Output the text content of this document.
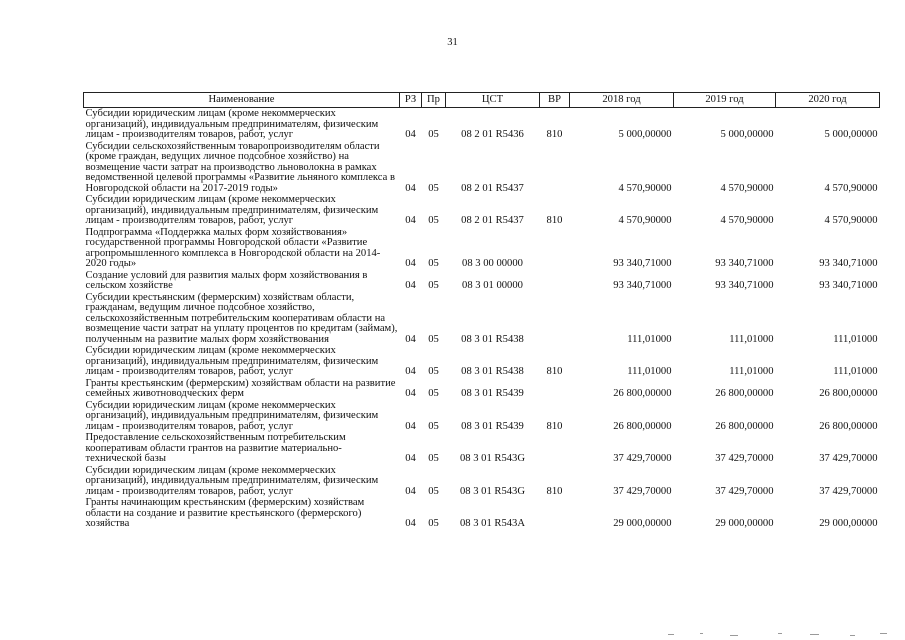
31
Наименование	РЗ	Пр	ЦСТ	ВР	2018 год	2019 год	2020 год
Субсидии юридическим лицам (кроме некоммерческих организаций), индивидуальным предпринимателям, физическим лицам - производителям товаров, работ, услуг	04	05	08 2 01 R5436	810	5 000,00000	5 000,00000	5 000,00000
Субсидии сельскохозяйственным товаропроизводителям области (кроме граждан, ведущих личное подсобное хозяйство) на возмещение части затрат на производство льноволокна в рамках ведомственной целевой программы «Развитие льняного комплекса в Новгородской области на 2017-2019 годы»	04	05	08 2 01 R5437		4 570,90000	4 570,90000	4 570,90000
Субсидии юридическим лицам (кроме некоммерческих организаций), индивидуальным предпринимателям, физическим лицам - производителям товаров, работ, услуг	04	05	08 2 01 R5437	810	4 570,90000	4 570,90000	4 570,90000
Подпрограмма «Поддержка малых форм хозяйствования» государственной программы Новгородской области «Развитие агропромышленного комплекса в Новгородской области на 2014-2020 годы»	04	05	08 3 00 00000		93 340,71000	93 340,71000	93 340,71000
Создание условий для развития малых форм хозяйствования в сельском хозяйстве	04	05	08 3 01 00000		93 340,71000	93 340,71000	93 340,71000
Субсидии крестьянским (фермерским) хозяйствам области, гражданам, ведущим личное подсобное хозяйство, сельскохозяйственным потребительским кооперативам области на возмещение части затрат на уплату процентов по кредитам (займам), полученным на развитие малых форм хозяйствования	04	05	08 3 01 R5438		111,01000	111,01000	111,01000
Субсидии юридическим лицам (кроме некоммерческих организаций), индивидуальным предпринимателям, физическим лицам - производителям товаров, работ, услуг	04	05	08 3 01 R5438	810	111,01000	111,01000	111,01000
Гранты крестьянским (фермерским) хозяйствам области на развитие семейных животноводческих ферм	04	05	08 3 01 R5439		26 800,00000	26 800,00000	26 800,00000
Субсидии юридическим лицам (кроме некоммерческих организаций), индивидуальным предпринимателям, физическим лицам - производителям товаров, работ, услуг	04	05	08 3 01 R5439	810	26 800,00000	26 800,00000	26 800,00000
Предоставление сельскохозяйственным потребительским кооперативам области грантов на развитие материально-технической базы	04	05	08 3 01 R543G		37 429,70000	37 429,70000	37 429,70000
Субсидии юридическим лицам (кроме некоммерческих организаций), индивидуальным предпринимателям, физическим лицам - производителям товаров, работ, услуг	04	05	08 3 01 R543G	810	37 429,70000	37 429,70000	37 429,70000
Гранты начинающим крестьянским (фермерским) хозяйствам области на создание и развитие крестьянского (фермерского) хозяйства	04	05	08 3 01 R543A		29 000,00000	29 000,00000	29 000,00000
